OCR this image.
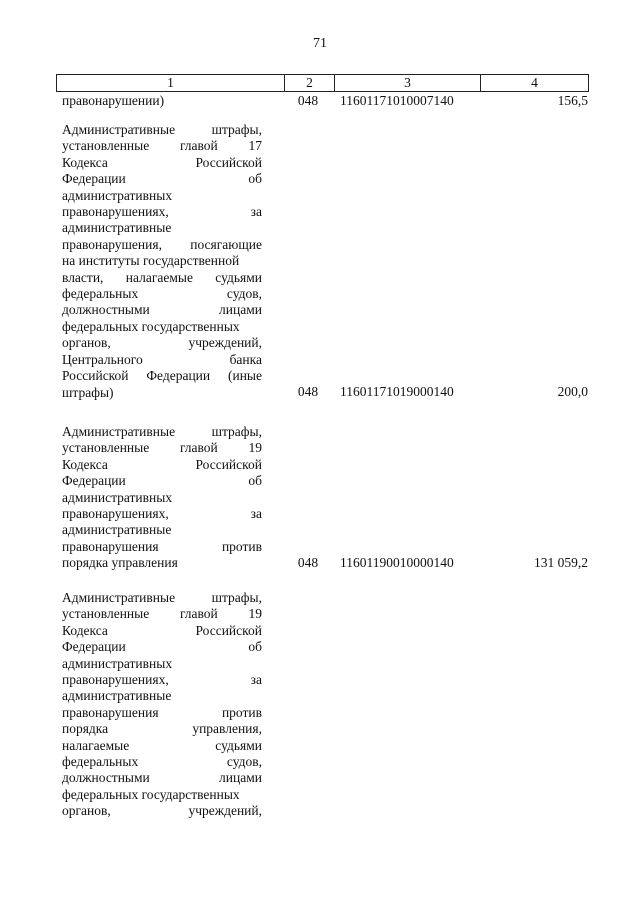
71
1	2	3	4
правонарушении)	048	11601171010007140	156,5
Административные	штрафы,
установленные главой 17
Кодекса	Российской
Федерации	об
административных
правонарушениях,	за
административные
правонарушения, посягающие
на институты государственной
власти, налагаемые судьями
федеральных	судов,
должностными	лицами
федеральных государственных
органов,	учреждений,
Центрального	банка
Российской Федерации (иные
штрафы)	048	11601171019000140	200,0
Административные	штрафы,
установленные главой 19
Кодекса	Российской
Федерации	об
административных
правонарушениях,	за
административные
правонарушения	против
порядка управления	048	11601190010000140	131 059,2
Административные	штрафы,
установленные главой 19
Кодекса	Российской
Федерации	об
административных
правонарушениях,	за
административные
правонарушения	против
порядка	управления,
налагаемые	судьями
федеральных	судов,
должностными	лицами
федеральных государственных
органов,	учреждений,
